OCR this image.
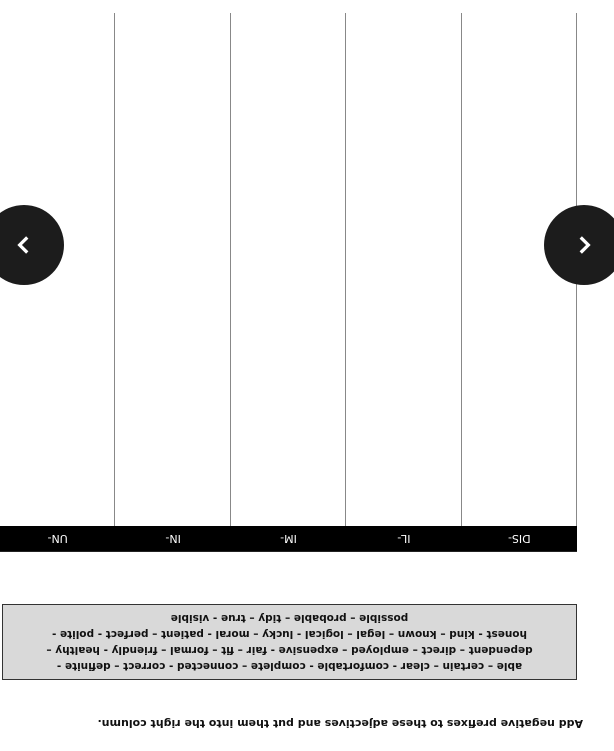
Add negative prefixes to these adjectives and put them into the right column.
able – certain – clear - comfortable - complete – connected - correct – definite -
dependent – direct – employed – expensive - fair – fit – formal – friendly - healthy –
honest - kind – known – legal – logical - lucky – moral - patient – perfect - polite -
possible – probable – tidy – true - visible
DIS-
IL-
IM-
IN-
UN-
